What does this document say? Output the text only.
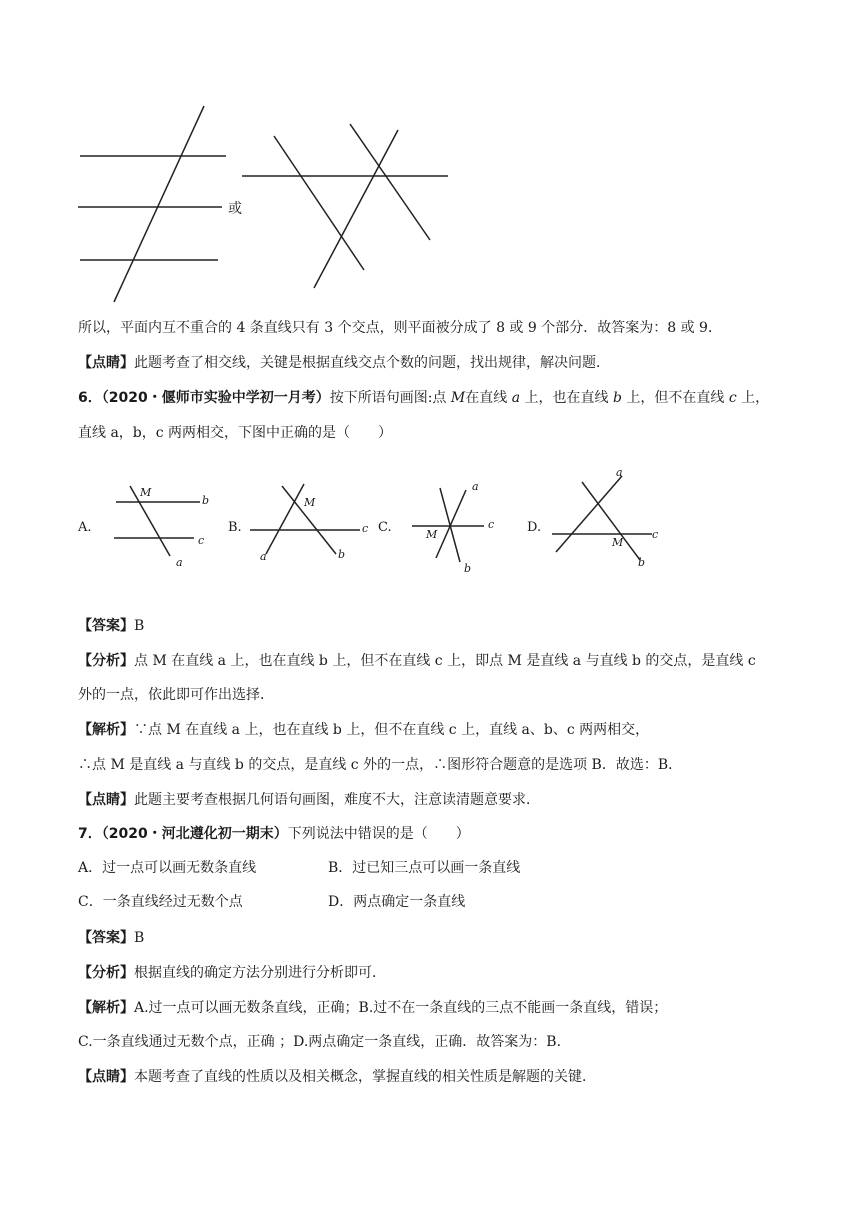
或
所以，平面内互不重合的 4 条直线只有 3 个交点，则平面被分成了 8 或 9 个部分．故答案为：8 或 9．
【点睛】此题考查了相交线，关键是根据直线交点个数的问题，找出规律，解决问题．
6．（2020・偃师市实验中学初一月考）按下所语句画图:点 M在直线 a 上，也在直线 b 上，但不在直线 c 上，
直线 a，b，c 两两相交，下图中正确的是（　　）
A.
M
b
c
a
B.
M
c
a	b
C.
a
c
M
b
D.
a
c
M
b
【答案】B
【分析】点 M 在直线 a 上，也在直线 b 上，但不在直线 c 上，即点 M 是直线 a 与直线 b 的交点，是直线 c
外的一点，依此即可作出选择．
【解析】∵点 M 在直线 a 上，也在直线 b 上，但不在直线 c 上，直线 a、b、c 两两相交，
∴点 M 是直线 a 与直线 b 的交点，是直线 c 外的一点，∴图形符合题意的是选项 B．故选：B．
【点睛】此题主要考查根据几何语句画图，难度不大，注意读清题意要求．
7．（2020・河北遵化初一期末）下列说法中错误的是（　　）
A．过一点可以画无数条直线	B．过已知三点可以画一条直线
C．一条直线经过无数个点	D．两点确定一条直线
【答案】B
【分析】根据直线的确定方法分别进行分析即可．
【解析】A.过一点可以画无数条直线，正确；B.过不在一条直线的三点不能画一条直线，错误；
C.一条直线通过无数个点，正确 ；D.两点确定一条直线，正确．故答案为：B．
【点睛】本题考查了直线的性质以及相关概念，掌握直线的相关性质是解题的关键．
